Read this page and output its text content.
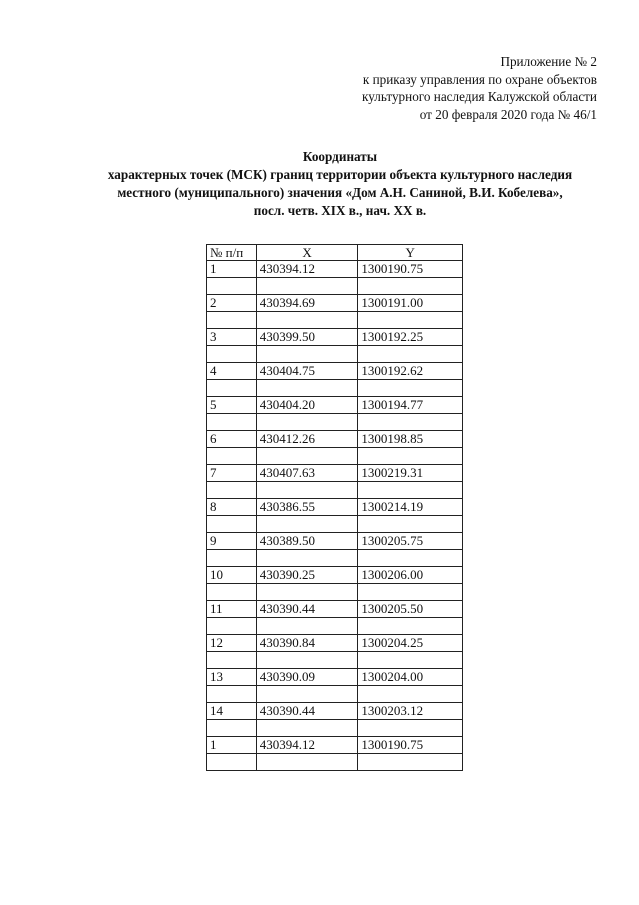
Приложение № 2
к приказу управления по охране объектов
культурного наследия Калужской области
от 20 февраля 2020 года № 46/1
Координаты
характерных точек (МСК) границ территории объекта культурного наследия
местного (муниципального) значения «Дом А.Н. Саниной, В.И. Кобелева»,
посл. четв. XIX в., нач. XX в.
№ п/п	X	Y
1	430394.12	1300190.75

2	430394.69	1300191.00

3	430399.50	1300192.25

4	430404.75	1300192.62

5	430404.20	1300194.77

6	430412.26	1300198.85

7	430407.63	1300219.31

8	430386.55	1300214.19

9	430389.50	1300205.75

10	430390.25	1300206.00

11	430390.44	1300205.50

12	430390.84	1300204.25

13	430390.09	1300204.00

14	430390.44	1300203.12

1	430394.12	1300190.75
